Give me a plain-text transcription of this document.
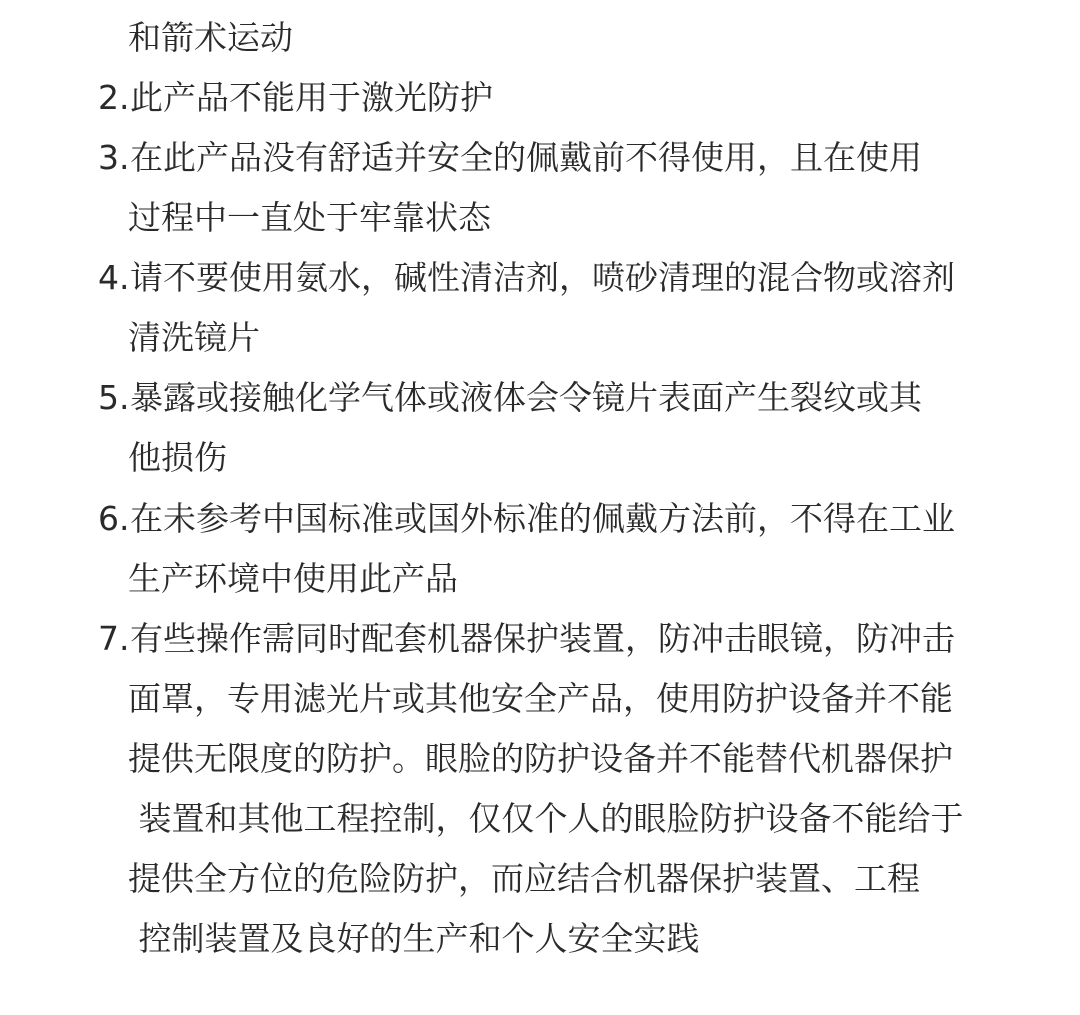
和箭术运动
2. 此产品不能用于激光防护
3. 在此产品没有舒适并安全的佩戴前不得使用，且在使用
过程中一直处于牢靠状态
4. 请不要使用氨水，碱性清洁剂，喷砂清理的混合物或溶剂
清洗镜片
5. 暴露或接触化学气体或液体会令镜片表面产生裂纹或其
他损伤
6. 在未参考中国标准或国外标准的佩戴方法前，不得在工业
生产环境中使用此产品
7. 有些操作需同时配套机器保护装置，防冲击眼镜，防冲击
面罩，专用滤光片或其他安全产品，使用防护设备并不能
提供无限度的防护。眼脸的防护设备并不能替代机器保护
装置和其他工程控制，仅仅个人的眼脸防护设备不能给于
提供全方位的危险防护，而应结合机器保护装置、工程
控制装置及良好的生产和个人安全实践
